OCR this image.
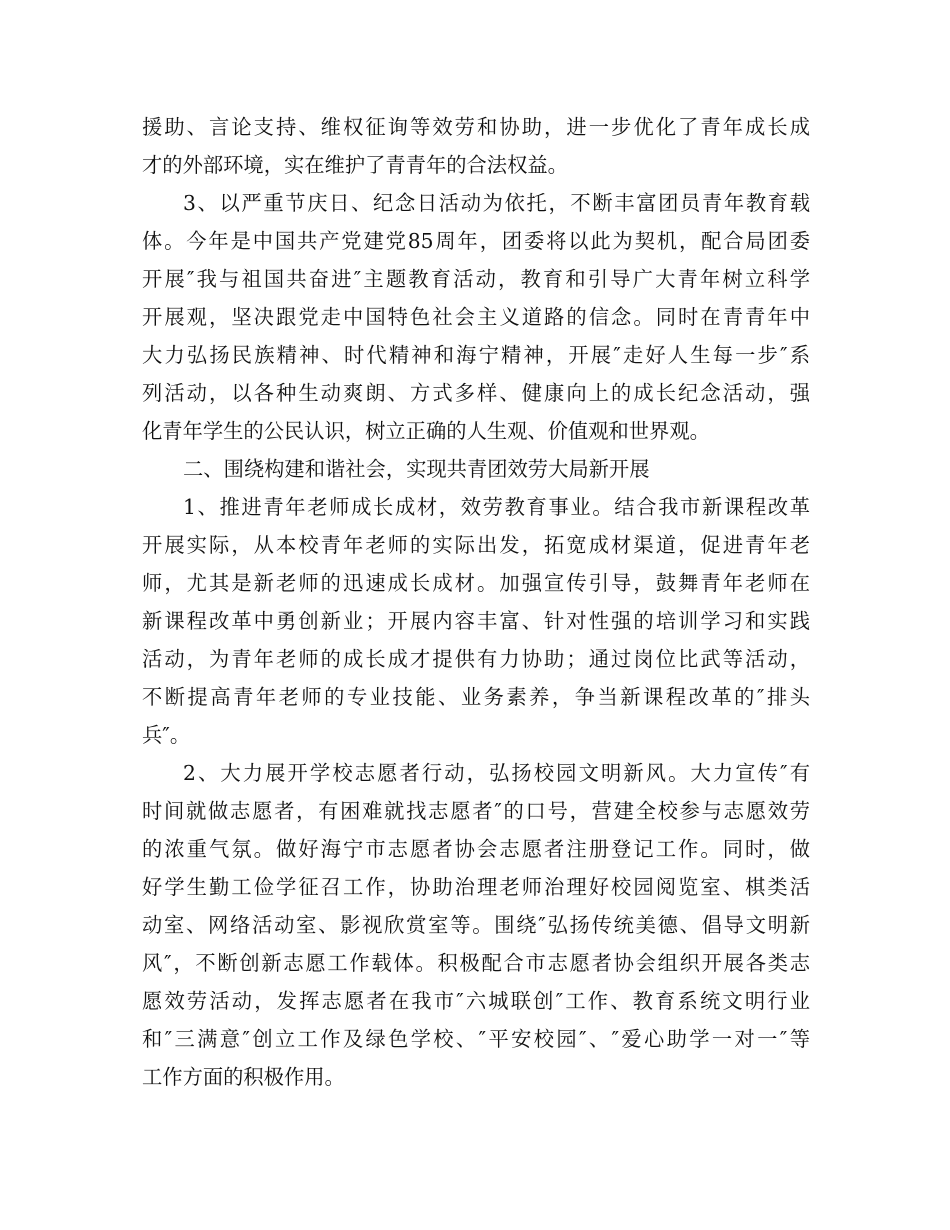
援助、言论支持、维权征询等效劳和协助，进一步优化了青年成长成
才的外部环境，实在维护了青青年的合法权益。
3、以严重节庆日、纪念日活动为依托，不断丰富团员青年教育载
体。今年是中国共产党建党85周年，团委将以此为契机，配合局团委
开展″我与祖国共奋进″主题教育活动，教育和引导广大青年树立科学
开展观，坚决跟党走中国特色社会主义道路的信念。同时在青青年中
大力弘扬民族精神、时代精神和海宁精神，开展″走好人生每一步″系
列活动，以各种生动爽朗、方式多样、健康向上的成长纪念活动，强
化青年学生的公民认识，树立正确的人生观、价值观和世界观。
二、围绕构建和谐社会，实现共青团效劳大局新开展
1、推进青年老师成长成材，效劳教育事业。结合我市新课程改革
开展实际，从本校青年老师的实际出发，拓宽成材渠道，促进青年老
师，尤其是新老师的迅速成长成材。加强宣传引导，鼓舞青年老师在
新课程改革中勇创新业；开展内容丰富、针对性强的培训学习和实践
活动，为青年老师的成长成才提供有力协助；通过岗位比武等活动，
不断提高青年老师的专业技能、业务素养，争当新课程改革的″排头
兵″。
2、大力展开学校志愿者行动，弘扬校园文明新风。大力宣传″有
时间就做志愿者，有困难就找志愿者″的口号，营建全校参与志愿效劳
的浓重气氛。做好海宁市志愿者协会志愿者注册登记工作。同时，做
好学生勤工俭学征召工作，协助治理老师治理好校园阅览室、棋类活
动室、网络活动室、影视欣赏室等。围绕″弘扬传统美德、倡导文明新
风″，不断创新志愿工作载体。积极配合市志愿者协会组织开展各类志
愿效劳活动，发挥志愿者在我市″六城联创″工作、教育系统文明行业
和″三满意″创立工作及绿色学校、″平安校园″、″爱心助学一对一″等
工作方面的积极作用。
